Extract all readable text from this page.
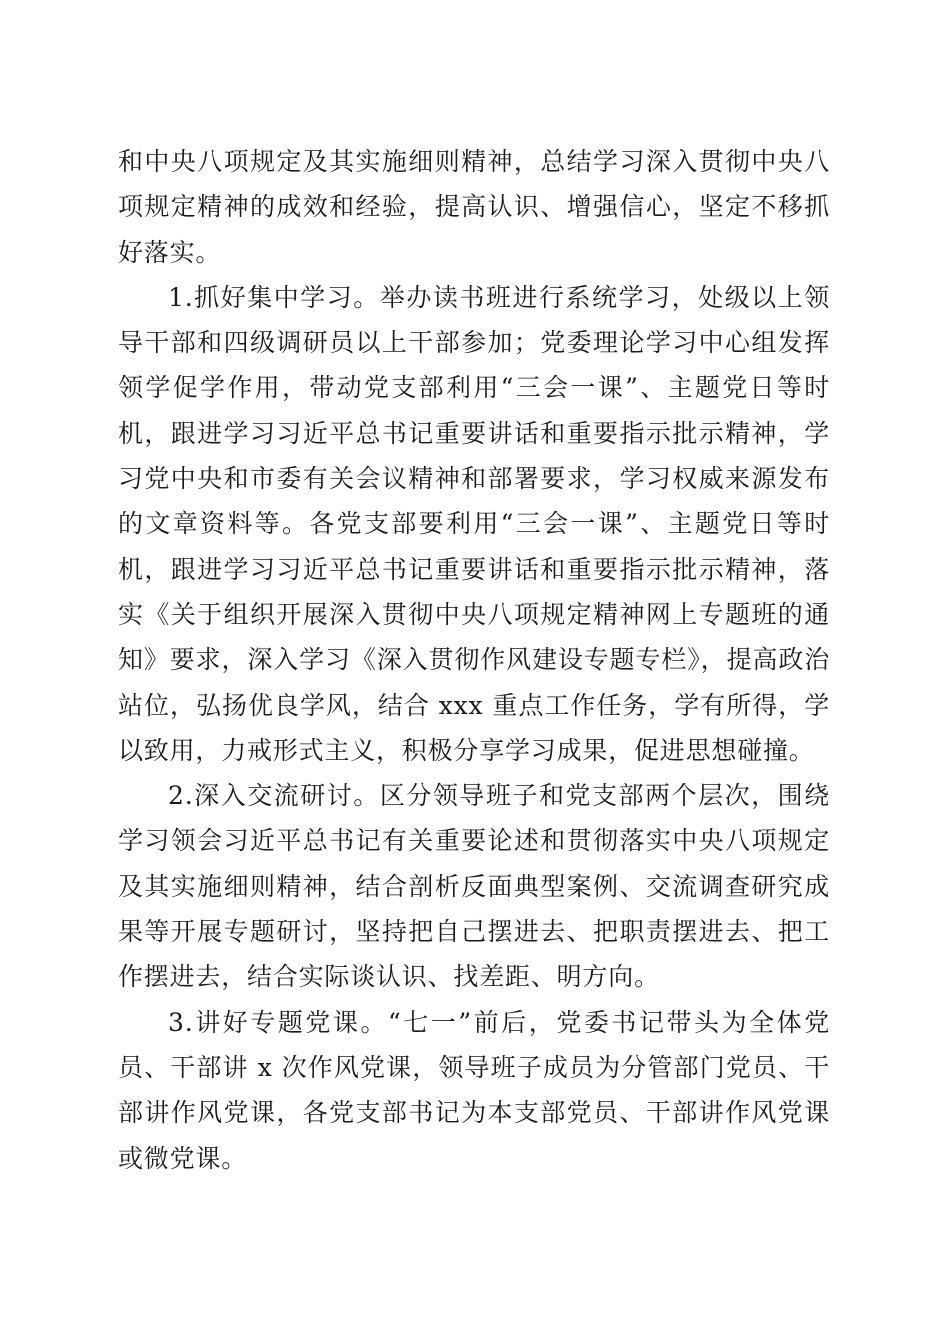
和中央八项规定及其实施细则精神，总结学习深入贯彻中央八项规定精神的成效和经验，提高认识、增强信心，坚定不移抓好落实。

1.抓好集中学习。举办读书班进行系统学习，处级以上领导干部和四级调研员以上干部参加；党委理论学习中心组发挥领学促学作用，带动党支部利用“三会一课”、主题党日等时机，跟进学习习近平总书记重要讲话和重要指示批示精神，学习党中央和市委有关会议精神和部署要求，学习权威来源发布的文章资料等。各党支部要利用“三会一课”、主题党日等时机，跟进学习习近平总书记重要讲话和重要指示批示精神，落实《关于组织开展深入贯彻中央八项规定精神网上专题班的通知》要求，深入学习《深入贯彻作风建设专题专栏》，提高政治站位，弘扬优良学风，结合 xxx 重点工作任务，学有所得，学以致用，力戒形式主义，积极分享学习成果，促进思想碰撞。

2.深入交流研讨。区分领导班子和党支部两个层次，围绕学习领会习近平总书记有关重要论述和贯彻落实中央八项规定及其实施细则精神，结合剖析反面典型案例、交流调查研究成果等开展专题研讨，坚持把自己摆进去、把职责摆进去、把工作摆进去，结合实际谈认识、找差距、明方向。

3.讲好专题党课。“七一”前后，党委书记带头为全体党员、干部讲 x 次作风党课，领导班子成员为分管部门党员、干部讲作风党课，各党支部书记为本支部党员、干部讲作风党课或微党课。
